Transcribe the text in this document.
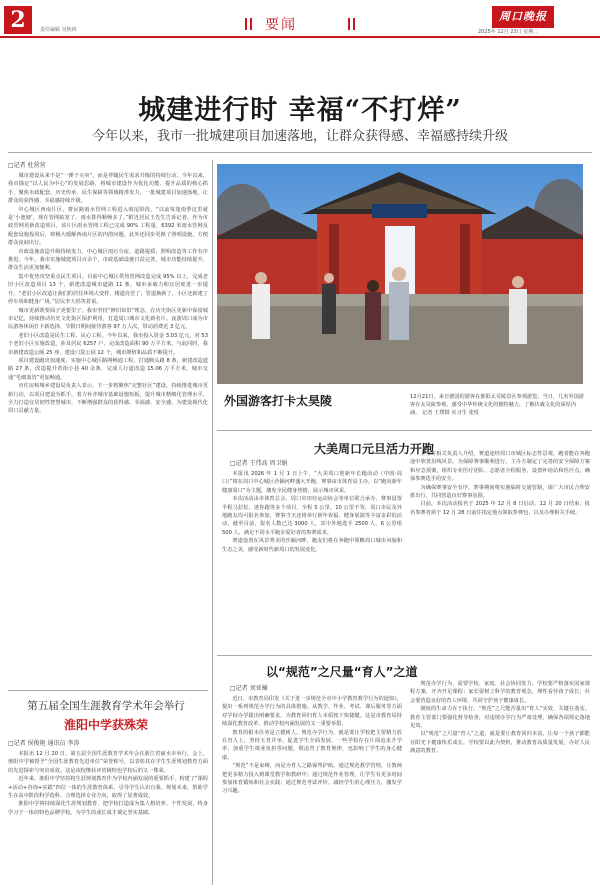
2	责任编辑 吴秋林	要闻
周口晚报
2025年 12月 23日 星期二
城建进行时 幸福“不打烊”
今年以来，我市一批城建项目加速落地，让群众获得感、幸福感持续升级
□记者 杜营营

城市建设从来不是“一锤子买卖”，而是伴随民生需求升级的持续行动。今年以来，我市锚定“以人民为中心”的发展思路，将城市建设作为优化功能、提升品质的核心抓手，聚焦市政配套、历史传承、民生保障等领域精准发力，一批城建项目加速落地，让群众的获得感、幸福感持续升级。

中心城区西南片区，曹民路雨水管网工程进入收尾阶段，“以前每逢雨季这里就是‘小池塘’，现在管网拓宽了，雨水排得顺畅多了。”附近居民王先生告诉记者。作为市政管网更新改造项目，该片区雨水管网工程已完成 90% 工程量，6392 米雨水管网及配套设施投用后，将极大缓解西南片区的内涝问题，此外还同步更换了照明设施，方便群众夜间出行。

市政设施改造升级持续发力，中心城区雨污分流、道路提质、照明改造等工作有序推进。今年，我市实施城建项目百余个，市政基础设施日益完善，城市功能持续提升，群众生活更加便利。

集中优势攻坚重点民生项目。目前中心城区供热管网改造完成 95% 以上，完成老旧小区改造项目 13 个，新建改造城市道路 11 条，城市承载力和宜居度进一步提升。“老旧小区改造让我们的居住环境大变样，楼道亮堂了，管道换新了，小区还新建了停车场和健身广场。”居民李大妈笑着说。

城市更新既要面子更要里子。我市坚持“修旧如旧”理念，在历史街区更新中保留城市记忆，持续推动历史文化街区保护利用，打造周口城市文化新名片。夜游周口成为市民游客休闲打卡新选择，节假日期间接待游客 97 万人次，带动消费近 3 亿元。

老旧小区改造是民生工程、民心工程。今年以来，我市投入资金 3.03 亿元，对 53 个老旧小区实施改造，涉及居民 6257 户，完成改造面积 90 万平方米。与此同时，我市新建改造公厕 25 座，建设口袋公园 12 个，城市颜值和品质不断提升。

项目建设跑出加速度，实施中心城区路网畅通工程，打通断头路 8 条，新建改造道路 27 条，改造提升背街小巷 40 余条，完成人行道改造 15.06 万平方米，城市交通“毛细血管”更加畅通。

市住房和城乡建设局负责人表示，下一步将聚焦“完整社区”建设，持续推进城市更新行动，以项目建设为抓手，着力补齐城市基础设施短板，提升城市精细化管理水平，全力打造宜居韧性智慧城市，不断增强群众的获得感、幸福感、安全感，为建设现代化周口贡献力量。

外国游客打卡太昊陵	12月21日，来自德国的游客在淮阳太昊陵景区参观游览。当日，几名外国游客在太昊陵参观，感受中华传统文化的独特魅力，了解伏羲文化的深厚内涵。 记者 王璞摄 实习生 张悦
大美周口元旦活力开跑
□记者 王伟高 周卫娟

本报讯 2026 年 1 月 1 日上午，“大美周口迎新年长跑活动（中国·周口）”将在周口中心城区沙颍河畔盛大开跑。赛事由市体育局主办，以“跑向新年 健康周口”为主题，激发全民健身热情，展示城市风采。

本次活动由市体育总会、周口市田径运动协会等单位联合承办，赛事设置半程马拉松、迷你跑等多个项目，全程 5 公里、10 公里不等，周口市民及外地跑友均可报名参加，赛事当天还将举行新年祝福、健身展演等丰富多彩的活动。截至目前，报名人数已达 3000 人，其中外地选手 2500 人、6 公里组 500 人，满足不同水平跑步爱好者的参赛需求。

赛道设置在风景秀美的沙颍河畔，跑友们将在奔跑中领略周口城市风貌和生态之美，感受新时代新周口的发展变化。

主办方相关负责人介绍，赛道途经周口市城区标志性景观，跑者能在奔跑途中欣赏沿线风景。为保障赛事顺利进行，主办方制定了完善的安全保障方案和应急预案，组织专业医疗团队、志愿者全程服务，设置补给站和医疗点，确保参赛选手的安全。

为确保赛事安全有序，赛事期间将实施临时交通管制，请广大市民合理安排出行，共同营造良好赛事氛围。

目前，本次活动报名于 2025 年 12 月 8 日启动，12 月 20 日结束，报名参赛者须于 12 月 28 日前往指定地点领取参赛包，以及办理相关手续。

以“规范”之尺量“育人”之道
□记者 刘亚楠

近日，市教育局印发《关于进一步规范全市中小学教育教学行为的通知》，提出一系列规范办学行为的具体措施。从教学、作业、考试、课后服务等方面对学校办学提出明确要求，为教育回归育人本质按下快捷键。这是市教育局持续深化教育改革、推动学校内涵发展的又一重要举措。

教育的根本任务是立德树人。规范办学行为，就是要让学校把主要精力放在育人上，坚持五育并举，促进学生全面发展。一些学校存在片面追求升学率、加重学生课业负担等问题，既违背了教育规律，也影响了学生的身心健康。

“规范”不是束缚，而是为育人之路保驾护航。通过规范教学管理，让教师把更多精力投入到课堂教学和教研中；通过规范作业管理，让学生有更多时间参加体育锻炼和社会实践；通过规范考试评价，减轻学生的心理压力，激发学习兴趣。

规范办学行为，需要学校、家庭、社会协同发力。学校要严格落实国家课程方案，开齐开足课程；家长要树立科学的教育观念，理性看待孩子成长；社会要营造良好的育人环境，共同守护孩子健康成长。

制度的生命力在于执行。“规范”之尺能否量出“育人”实效，关键在落实。教育主管部门要强化督导检查，对违规办学行为严肃处理，确保各项规定落地见效。

以“规范”之尺量“育人”之道，就是要让教育回归本真，让每一个孩子都能在阳光下健康快乐成长。学校要以此为契机，推动教育高质量发展，办好人民满意的教育。

第五届全国生涯教育学术年会举行
淮阳中学获殊荣
□记者 侯俊艳 通讯员 李涛

本报讯 12 月 20 日，第五届全国生涯教育学术年会在浙江省丽水市举行。会上，淮阳中学被授予“全国生涯教育先进单位”荣誉称号，以表彰其在学生生涯规划教育方面的先进探索与突出成效。这是该校继获评省级特色学校后的又一殊荣。

近年来，淮阳中学坚持将生涯规划教育作为学校内涵发展的重要抓手，构建了“课程+活动+咨询+实践”四位一体的生涯教育体系，引导学生认识自我、规划未来，帮助学生在高中阶段科学选科、合理选择专业方向，取得了显著成效。

淮阳中学将持续深化生涯规划教育，把学校打造成为集人格培养、个性发展、终身学习于一体的特色品牌学校，为学生的成长成才奠定坚实基础。
